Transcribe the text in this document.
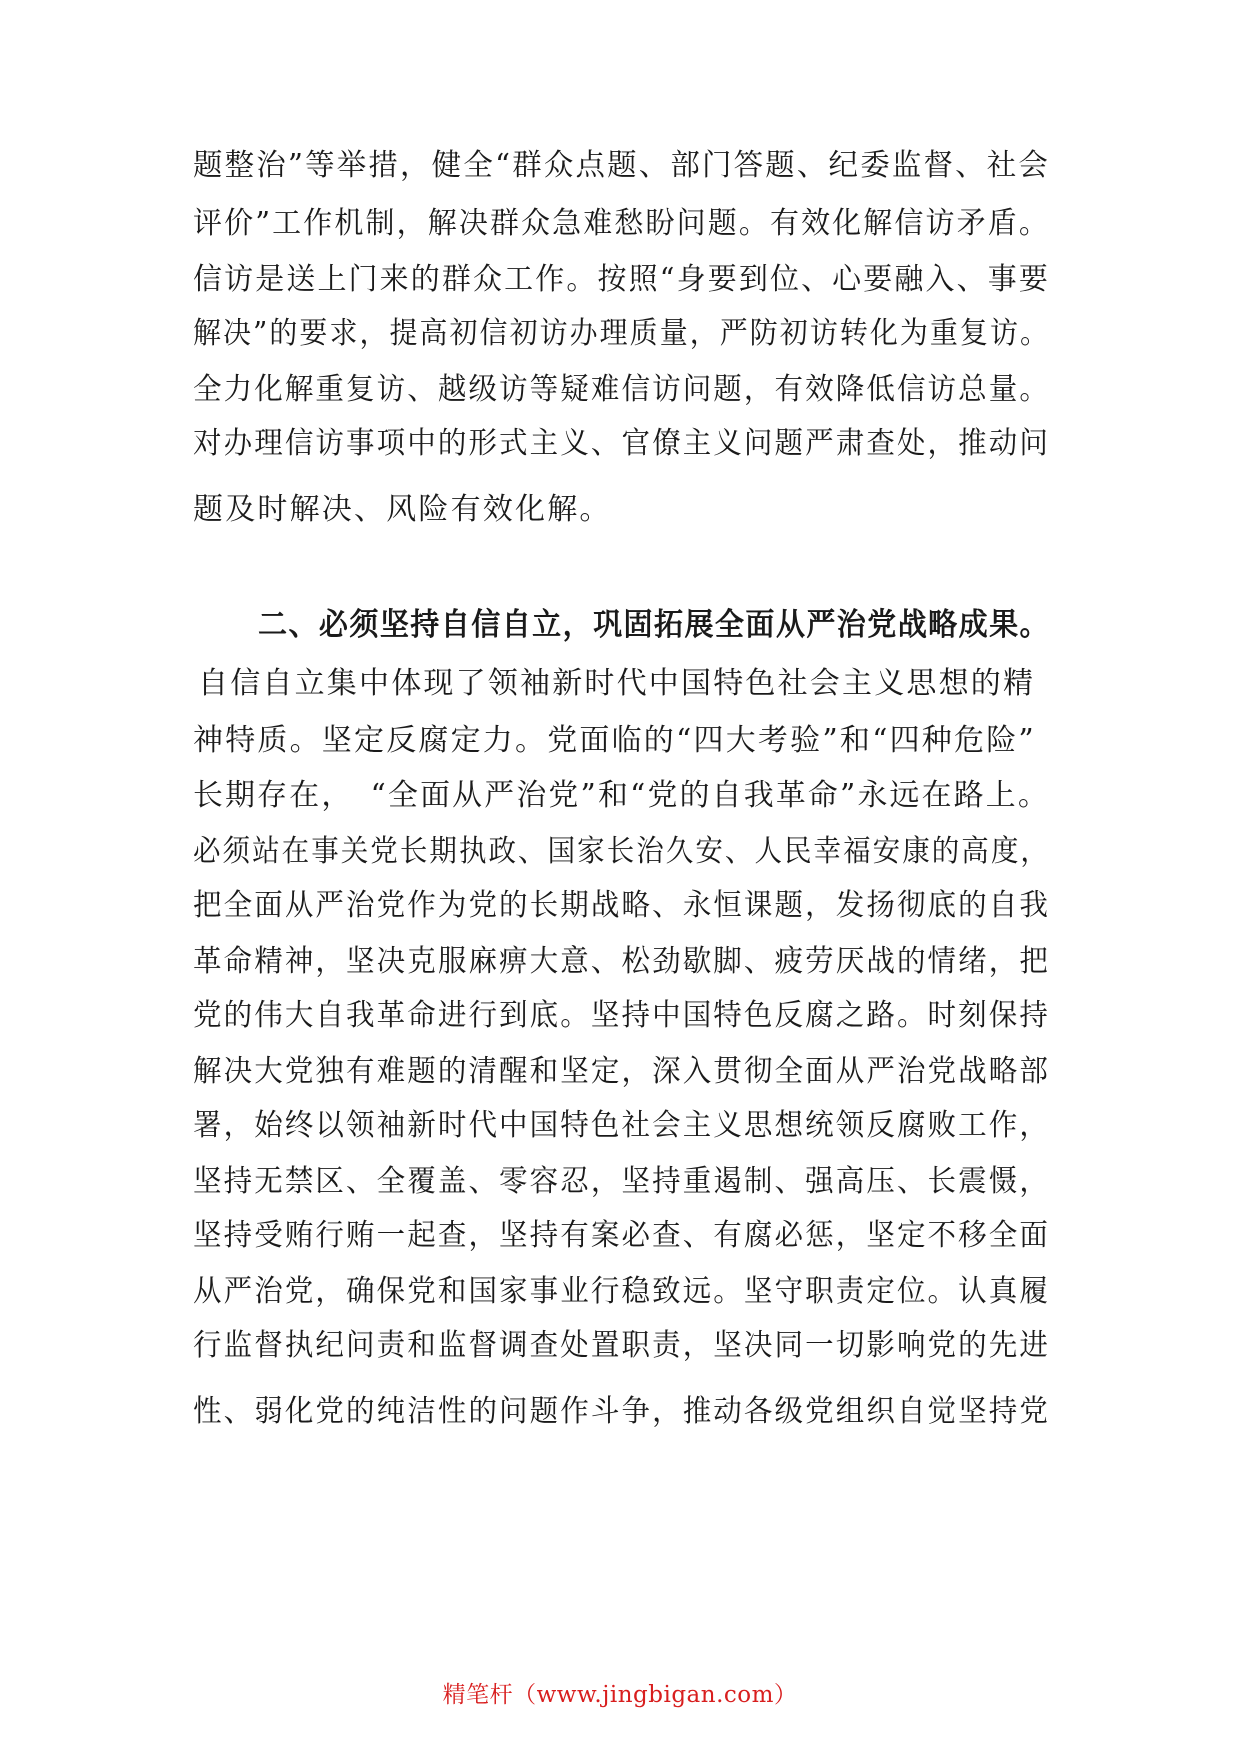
题整治”等举措，健全“群众点题、部门答题、纪委监督、社会
评价”工作机制，解决群众急难愁盼问题。有效化解信访矛盾。
信访是送上门来的群众工作。按照“身要到位、心要融入、事要
解决”的要求，提高初信初访办理质量，严防初访转化为重复访。
全力化解重复访、越级访等疑难信访问题，有效降低信访总量。
对办理信访事项中的形式主义、官僚主义问题严肃查处，推动问
题及时解决、风险有效化解。
二、必须坚持自信自立，巩固拓展全面从严治党战略成果。
自信自立集中体现了领袖新时代中国特色社会主义思想的精
神特质。坚定反腐定力。党面临的“四大考验”和“四种危险”
长期存在，　“全面从严治党”和“党的自我革命”永远在路上。
必须站在事关党长期执政、国家长治久安、人民幸福安康的高度，
把全面从严治党作为党的长期战略、永恒课题，发扬彻底的自我
革命精神，坚决克服麻痹大意、松劲歇脚、疲劳厌战的情绪，把
党的伟大自我革命进行到底。坚持中国特色反腐之路。时刻保持
解决大党独有难题的清醒和坚定，深入贯彻全面从严治党战略部
署，始终以领袖新时代中国特色社会主义思想统领反腐败工作，
坚持无禁区、全覆盖、零容忍，坚持重遏制、强高压、长震慑，
坚持受贿行贿一起查，坚持有案必查、有腐必惩，坚定不移全面
从严治党，确保党和国家事业行稳致远。坚守职责定位。认真履
行监督执纪问责和监督调查处置职责，坚决同一切影响党的先进
性、弱化党的纯洁性的问题作斗争，推动各级党组织自觉坚持党
精笔杆（www.jingbigan.com）
